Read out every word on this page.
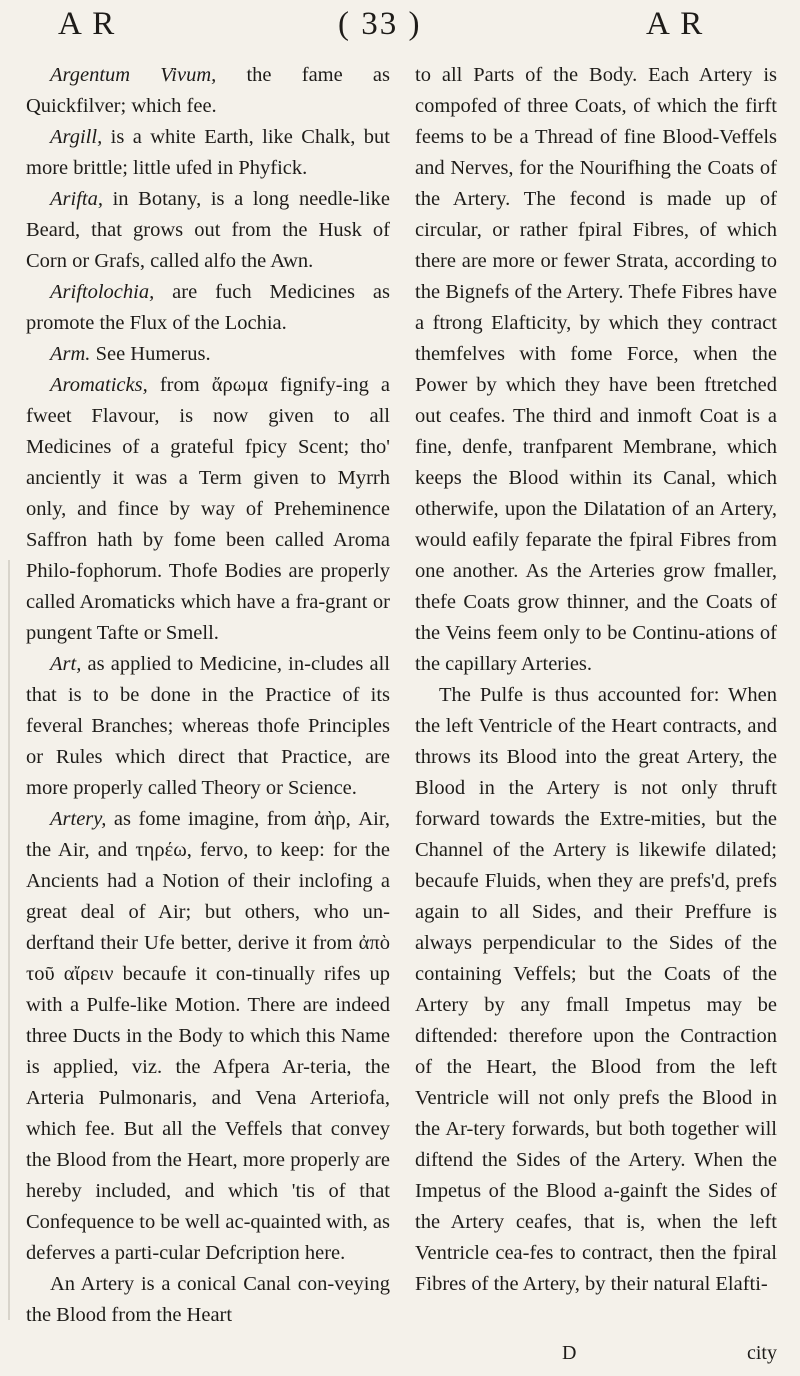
A R	( 33 )	A R

Argentum Vivum, the fame as Quickfilver; which fee.

Argill, is a white Earth, like Chalk, but more brittle; little ufed in Phyfick.

Arifta, in Botany, is a long needle-like Beard, that grows out from the Husk of Corn or Grafs, called alfo the Awn.

Ariftolochia, are fuch Medicines as promote the Flux of the Lochia.

Arm. See Humerus.

Aromaticks, from ἄρωμα fignify-ing a fweet Flavour, is now given to all Medicines of a grateful fpicy Scent; tho' anciently it was a Term given to Myrrh only, and fince by way of Preheminence Saffron hath by fome been called Aroma Philo-fophorum. Thofe Bodies are properly called Aromaticks which have a fra-grant or pungent Tafte or Smell.

Art, as applied to Medicine, in-cludes all that is to be done in the Practice of its feveral Branches; whereas thofe Principles or Rules which direct that Practice, are more properly called Theory or Science.

Artery, as fome imagine, from ἀὴρ, Air, the Air, and τηρέω, fervo, to keep: for the Ancients had a Notion of their inclofing a great deal of Air; but others, who un-derftand their Ufe better, derive it from ἀπὸ τοῦ αἴρειν becaufe it con-tinually rifes up with a Pulfe-like Motion. There are indeed three Ducts in the Body to which this Name is applied, viz. the Afpera Ar-teria, the Arteria Pulmonaris, and Vena Arteriofa, which fee. But all the Veffels that convey the Blood from the Heart, more properly are hereby included, and which 'tis of that Confequence to be well ac-quainted with, as deferves a parti-cular Defcription here.

An Artery is a conical Canal con-veying the Blood from the Heart

to all Parts of the Body. Each Artery is compofed of three Coats, of which the firft feems to be a Thread of fine Blood-Veffels and Nerves, for the Nourifhing the Coats of the Artery. The fecond is made up of circular, or rather fpiral Fibres, of which there are more or fewer Strata, according to the Bignefs of the Artery. Thefe Fibres have a ftrong Elafticity, by which they contract themfelves with fome Force, when the Power by which they have been ftretched out ceafes. The third and inmoft Coat is a fine, denfe, tranfparent Membrane, which keeps the Blood within its Canal, which otherwife, upon the Dilatation of an Artery, would eafily feparate the fpiral Fibres from one another. As the Arteries grow fmaller, thefe Coats grow thinner, and the Coats of the Veins feem only to be Continu-ations of the capillary Arteries.

The Pulfe is thus accounted for: When the left Ventricle of the Heart contracts, and throws its Blood into the great Artery, the Blood in the Artery is not only thruft forward towards the Extre-mities, but the Channel of the Artery is likewife dilated; becaufe Fluids, when they are prefs'd, prefs again to all Sides, and their Preffure is always perpendicular to the Sides of the containing Veffels; but the Coats of the Artery by any fmall Impetus may be diftended: therefore upon the Contraction of the Heart, the Blood from the left Ventricle will not only prefs the Blood in the Ar-tery forwards, but both together will diftend the Sides of the Artery. When the Impetus of the Blood a-gainft the Sides of the Artery ceafes, that is, when the left Ventricle cea-fes to contract, then the fpiral Fibres of the Artery, by their natural Elafti-

D	city
